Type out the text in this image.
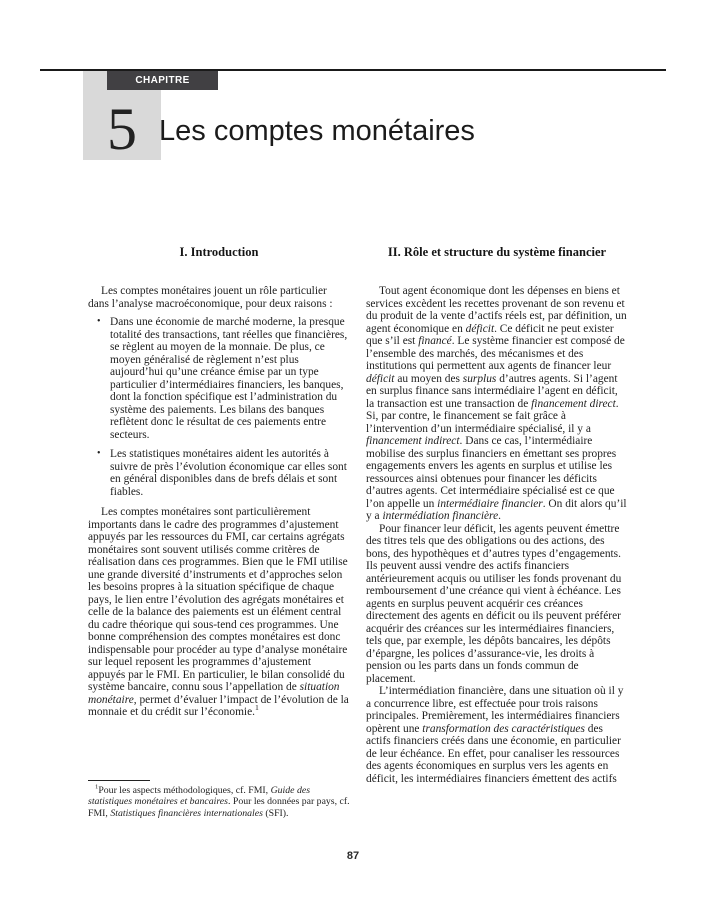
CHAPITRE
5 Les comptes monétaires
I. Introduction
Les comptes monétaires jouent un rôle particulier dans l’analyse macroéconomique, pour deux raisons :
• Dans une économie de marché moderne, la presque totalité des transactions, tant réelles que financières, se règlent au moyen de la monnaie. De plus, ce moyen généralisé de règlement n’est plus aujourd’hui qu’une créance émise par un type particulier d’intermédiaires financiers, les banques, dont la fonction spécifique est l’administration du système des paiements. Les bilans des banques reflètent donc le résultat de ces paiements entre secteurs.
• Les statistiques monétaires aident les autorités à suivre de près l’évolution économique car elles sont en général disponibles dans de brefs délais et sont fiables.
Les comptes monétaires sont particulièrement importants dans le cadre des programmes d’ajustement appuyés par les ressources du FMI, car certains agrégats monétaires sont souvent utilisés comme critères de réalisation dans ces programmes. Bien que le FMI utilise une grande diversité d’instruments et d’approches selon les besoins propres à la situation spécifique de chaque pays, le lien entre l’évolution des agrégats monétaires et celle de la balance des paiements est un élément central du cadre théorique qui sous-tend ces programmes. Une bonne compréhension des comptes monétaires est donc indispensable pour procéder au type d’analyse monétaire sur lequel reposent les programmes d’ajustement appuyés par le FMI. En particulier, le bilan consolidé du système bancaire, connu sous l’appellation de situation monétaire, permet d’évaluer l’impact de l’évolution de la monnaie et du crédit sur l’économie.$^1$
II. Rôle et structure du système financier
Tout agent économique dont les dépenses en biens et services excèdent les recettes provenant de son revenu et du produit de la vente d’actifs réels est, par définition, un agent économique en déficit. Ce déficit ne peut exister que s’il est financé. Le système financier est composé de l’ensemble des marchés, des mécanismes et des institutions qui permettent aux agents de financer leur déficit au moyen des surplus d’autres agents. Si l’agent en surplus finance sans intermédiaire l’agent en déficit, la transaction est une transaction de financement direct. Si, par contre, le financement se fait grâce à l’intervention d’un intermédiaire spécialisé, il y a financement indirect. Dans ce cas, l’intermédiaire mobilise des surplus financiers en émettant ses propres engagements envers les agents en surplus et utilise les ressources ainsi obtenues pour financer les déficits d’autres agents. Cet intermédiaire spécialisé est ce que l’on appelle un intermédiaire financier. On dit alors qu’il y a intermédiation financière.
Pour financer leur déficit, les agents peuvent émettre des titres tels que des obligations ou des actions, des bons, des hypothèques et d’autres types d’engagements. Ils peuvent aussi vendre des actifs financiers antérieurement acquis ou utiliser les fonds provenant du remboursement d’une créance qui vient à échéance. Les agents en surplus peuvent acquérir ces créances directement des agents en déficit ou ils peuvent préférer acquérir des créances sur les intermédiaires financiers, tels que, par exemple, les dépôts bancaires, les dépôts d’épargne, les polices d’assurance-vie, les droits à pension ou les parts dans un fonds commun de placement.
L’intermédiation financière, dans une situation où il y a concurrence libre, est effectuée pour trois raisons principales. Premièrement, les intermédiaires financiers opèrent une transformation des caractéristiques des actifs financiers créés dans une économie, en particulier de leur échéance. En effet, pour canaliser les ressources des agents économiques en surplus vers les agents en déficit, les intermédiaires financiers émettent des actifs

$^1$Pour les aspects méthodologiques, cf. FMI, Guide des statistiques monétaires et bancaires. Pour les données par pays, cf. FMI, Statistiques financières internationales (SFI).

87
